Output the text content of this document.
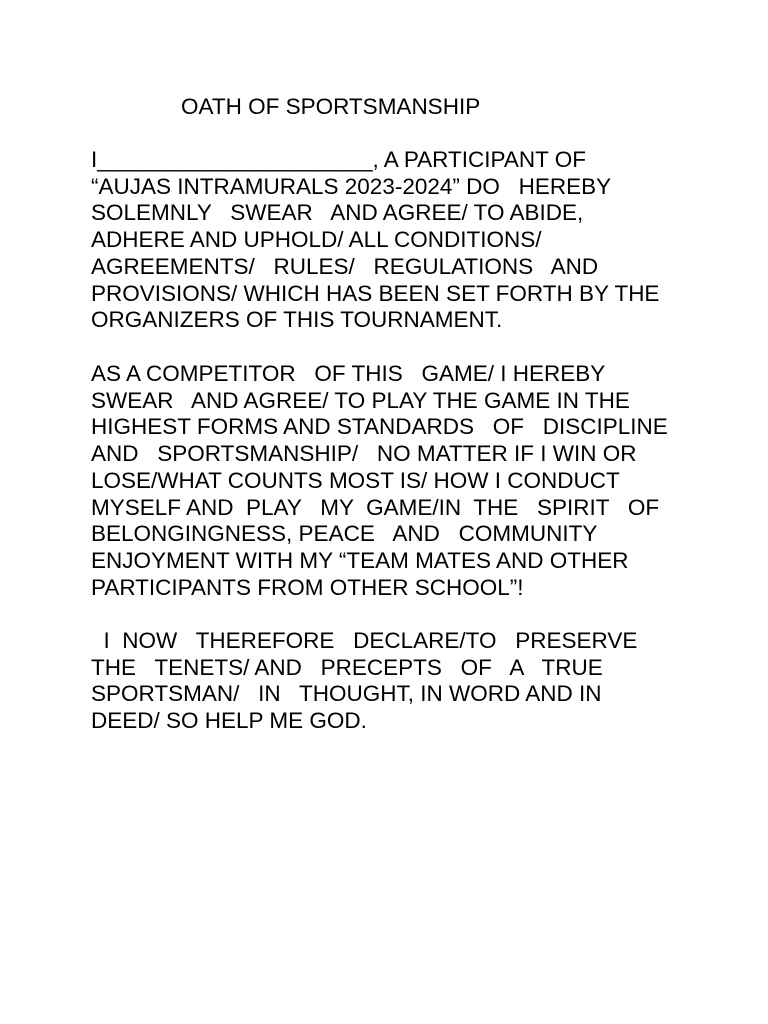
OATH OF SPORTSMANSHIP

I______________________, A PARTICIPANT OF
“AUJAS INTRAMURALS 2023-2024” DO   HEREBY
SOLEMNLY   SWEAR   AND AGREE/ TO ABIDE,
ADHERE AND UPHOLD/ ALL CONDITIONS/
AGREEMENTS/   RULES/   REGULATIONS   AND
PROVISIONS/ WHICH HAS BEEN SET FORTH BY THE
ORGANIZERS OF THIS TOURNAMENT.

AS A COMPETITOR   OF THIS   GAME/ I HEREBY
SWEAR   AND AGREE/ TO PLAY THE GAME IN THE
HIGHEST FORMS AND STANDARDS   OF   DISCIPLINE
AND   SPORTSMANSHIP/   NO MATTER IF I WIN OR
LOSE/WHAT COUNTS MOST IS/ HOW I CONDUCT
MYSELF AND  PLAY   MY  GAME/IN  THE   SPIRIT   OF
BELONGINGNESS, PEACE   AND   COMMUNITY
ENJOYMENT WITH MY “TEAM MATES AND OTHER
PARTICIPANTS FROM OTHER SCHOOL”!

I  NOW   THEREFORE   DECLARE/TO   PRESERVE
THE   TENETS/ AND   PRECEPTS   OF   A   TRUE
SPORTSMAN/   IN   THOUGHT, IN WORD AND IN
DEED/ SO HELP ME GOD.
